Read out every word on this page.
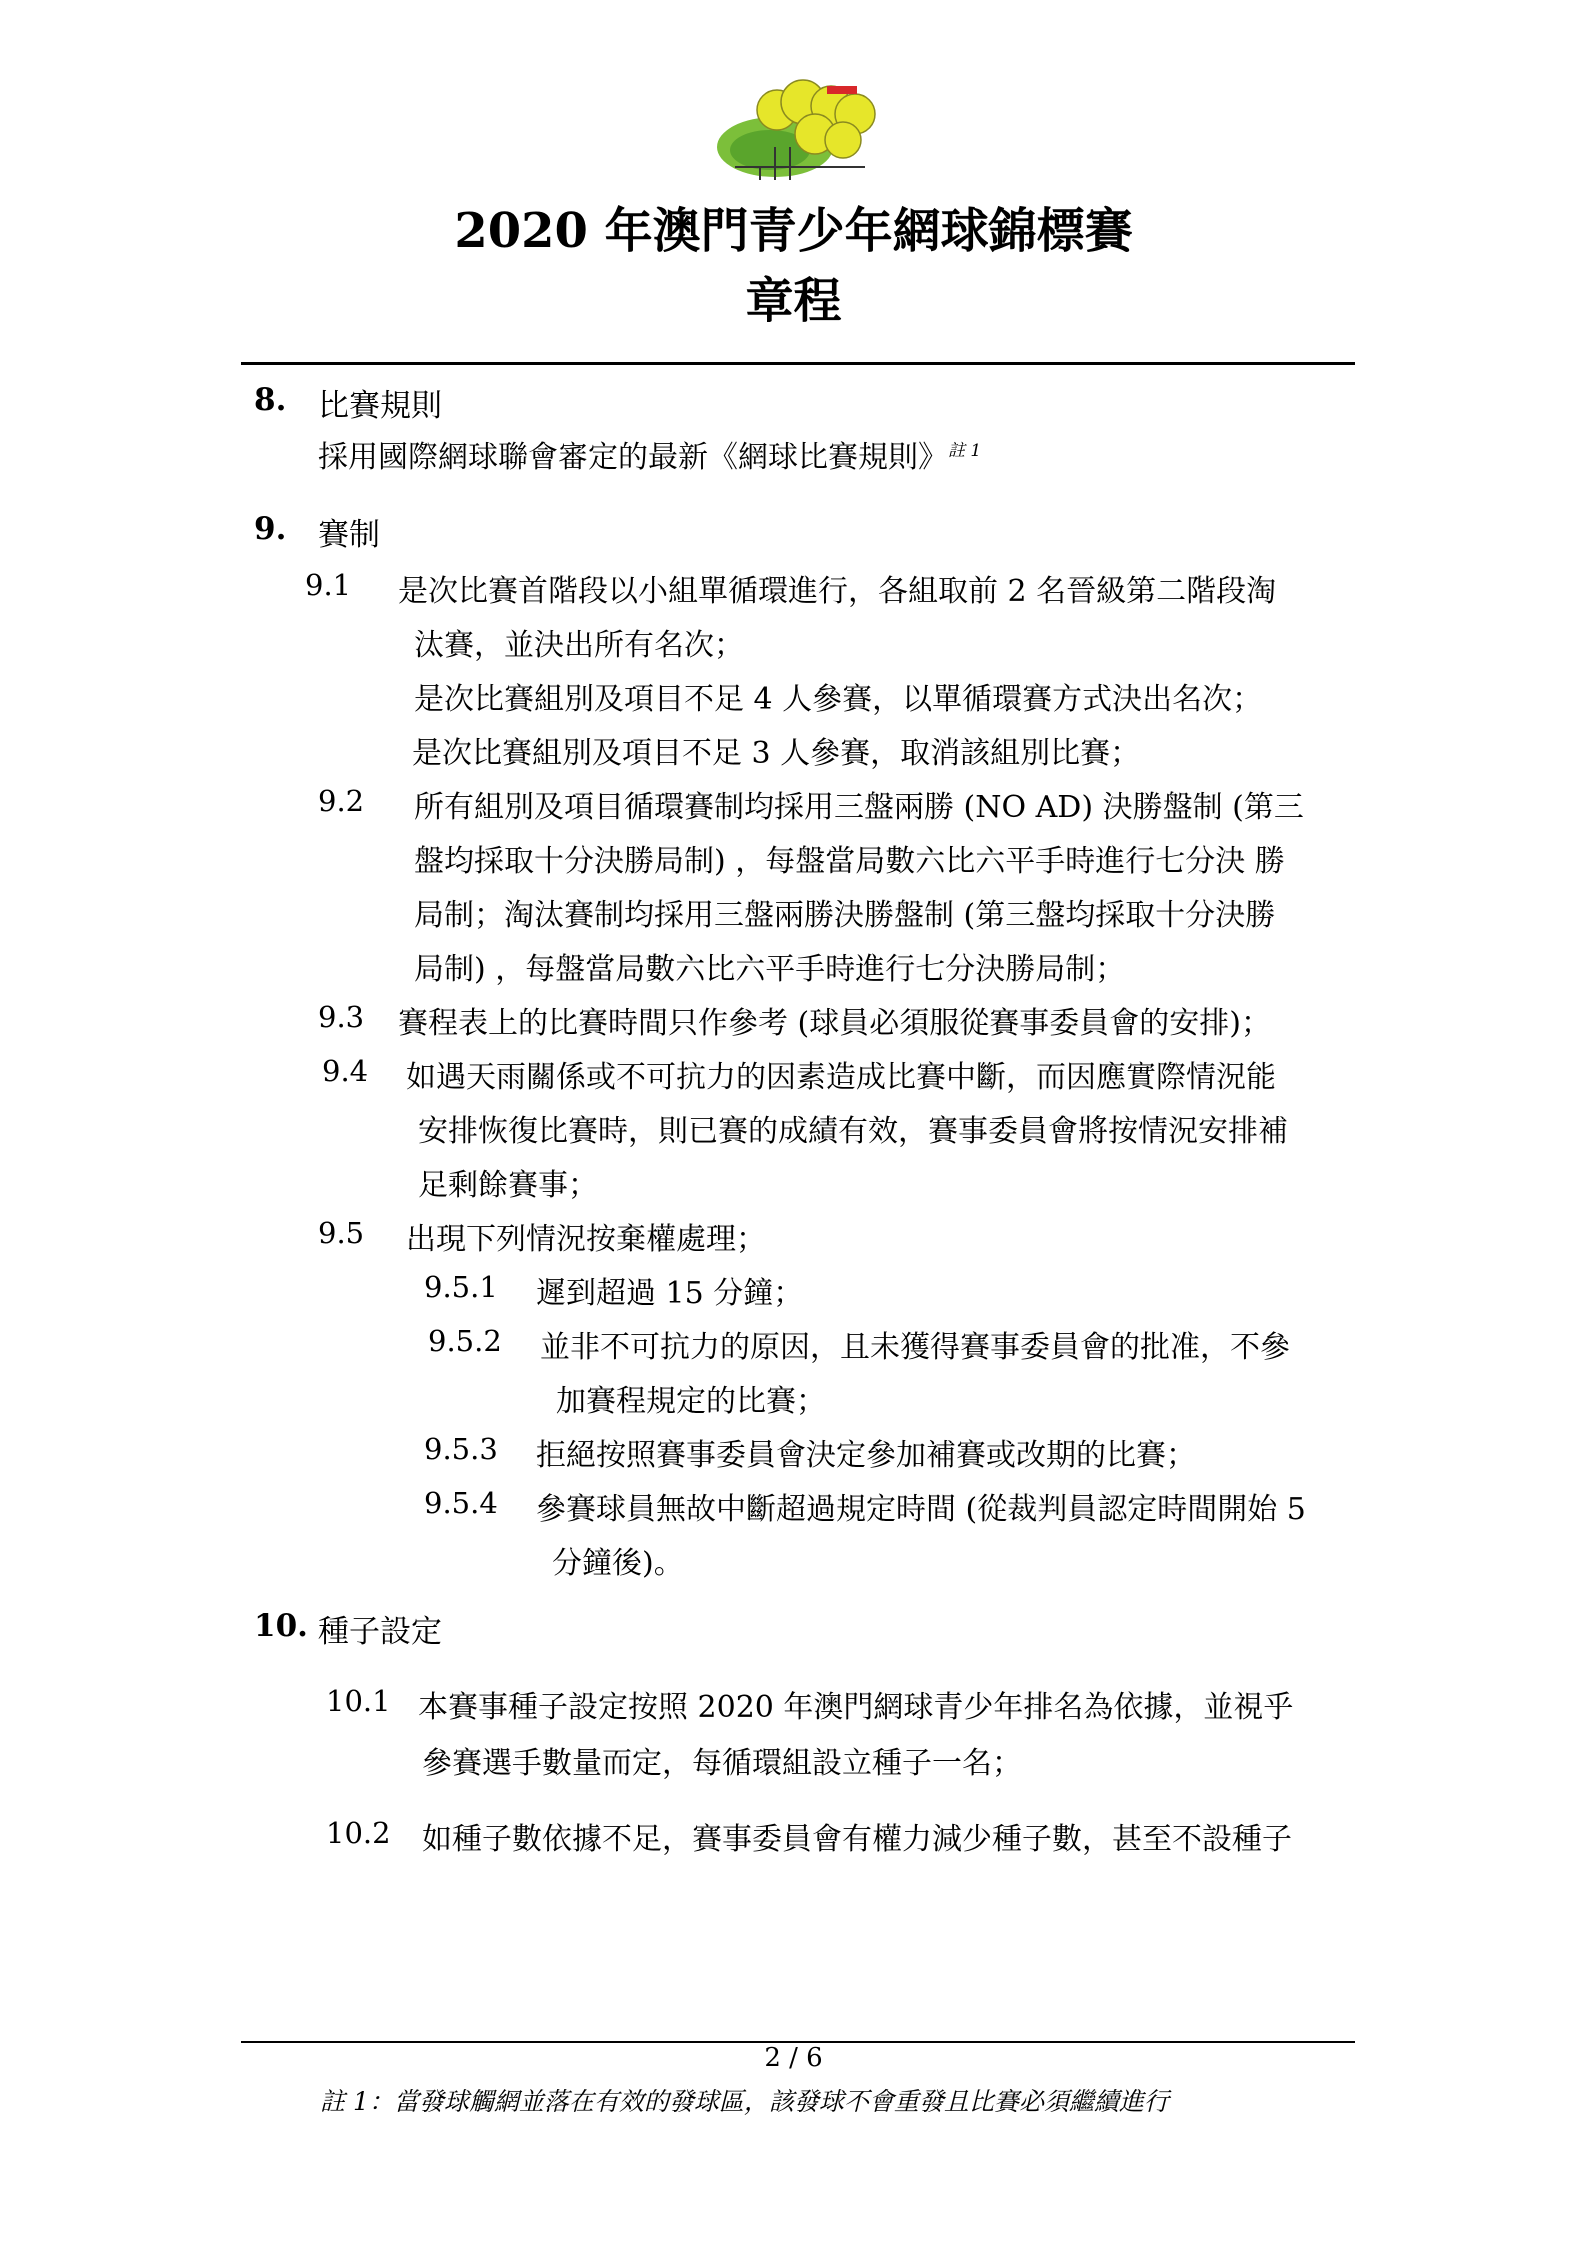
2020 年澳門青少年網球錦標賽
章程
8. 比賽規則
採用國際網球聯會審定的最新《網球比賽規則》$^{註 1}$
9. 賽制
9.1 是次比賽首階段以小組單循環進行，各組取前 2 名晉級第二階段淘
汰賽，並決出所有名次；
是次比賽組別及項目不足 4 人參賽，以單循環賽方式決出名次；
是次比賽組別及項目不足 3 人參賽，取消該組別比賽；
9.2 所有組別及項目循環賽制均採用三盤兩勝 (NO AD) 決勝盤制 (第三
盤均採取十分決勝局制) ，每盤當局數六比六平手時進行七分決 勝
局制；淘汰賽制均採用三盤兩勝決勝盤制 (第三盤均採取十分決勝
局制) ，每盤當局數六比六平手時進行七分決勝局制；
9.3 賽程表上的比賽時間只作參考 (球員必須服從賽事委員會的安排)；
9.4 如遇天雨關係或不可抗力的因素造成比賽中斷，而因應實際情況能
安排恢復比賽時，則已賽的成績有效，賽事委員會將按情況安排補
足剩餘賽事；
9.5 出現下列情況按棄權處理；
9.5.1 遲到超過 15 分鐘；
9.5.2 並非不可抗力的原因，且未獲得賽事委員會的批准，不參
加賽程規定的比賽；
9.5.3 拒絕按照賽事委員會決定參加補賽或改期的比賽；
9.5.4 參賽球員無故中斷超過規定時間 (從裁判員認定時間開始 5
分鐘後)。
10. 種子設定
10.1 本賽事種子設定按照 2020 年澳門網球青少年排名為依據，並視乎
參賽選手數量而定，每循環組設立種子一名；
10.2 如種子數依據不足，賽事委員會有權力減少種子數，甚至不設種子
2 / 6
註 1：當發球觸網並落在有效的發球區，該發球不會重發且比賽必須繼續進行
